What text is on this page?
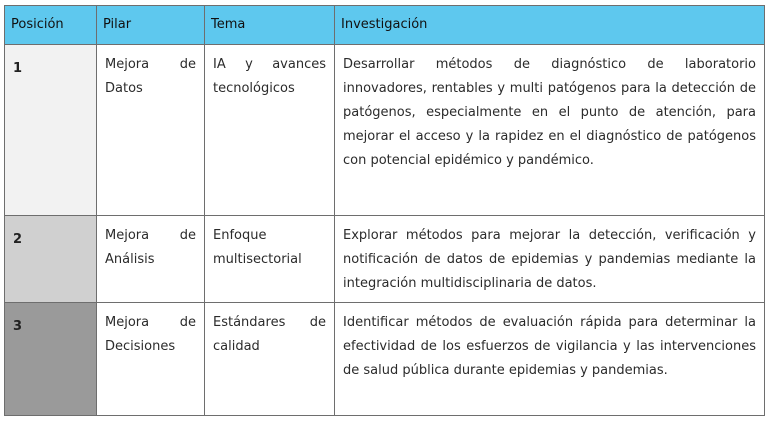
Posición	Pilar	Tema	Investigación

1	Mejora de Datos	IA y avances tecnológicos	Desarrollar métodos de diagnóstico de laboratorio innovadores, rentables y multi patógenos para la detección de patógenos, especialmente en el punto de atención, para mejorar el acceso y la rapidez en el diagnóstico de patógenos con potencial epidémico y pandémico.

2	Mejora de Análisis	Enfoque multisectorial	Explorar métodos para mejorar la detección, verificación y notificación de datos de epidemias y pandemias mediante la integración multidisciplinaria de datos.

3	Mejora de Decisiones	Estándares de calidad	Identificar métodos de evaluación rápida para determinar la efectividad de los esfuerzos de vigilancia y las intervenciones de salud pública durante epidemias y pandemias.
